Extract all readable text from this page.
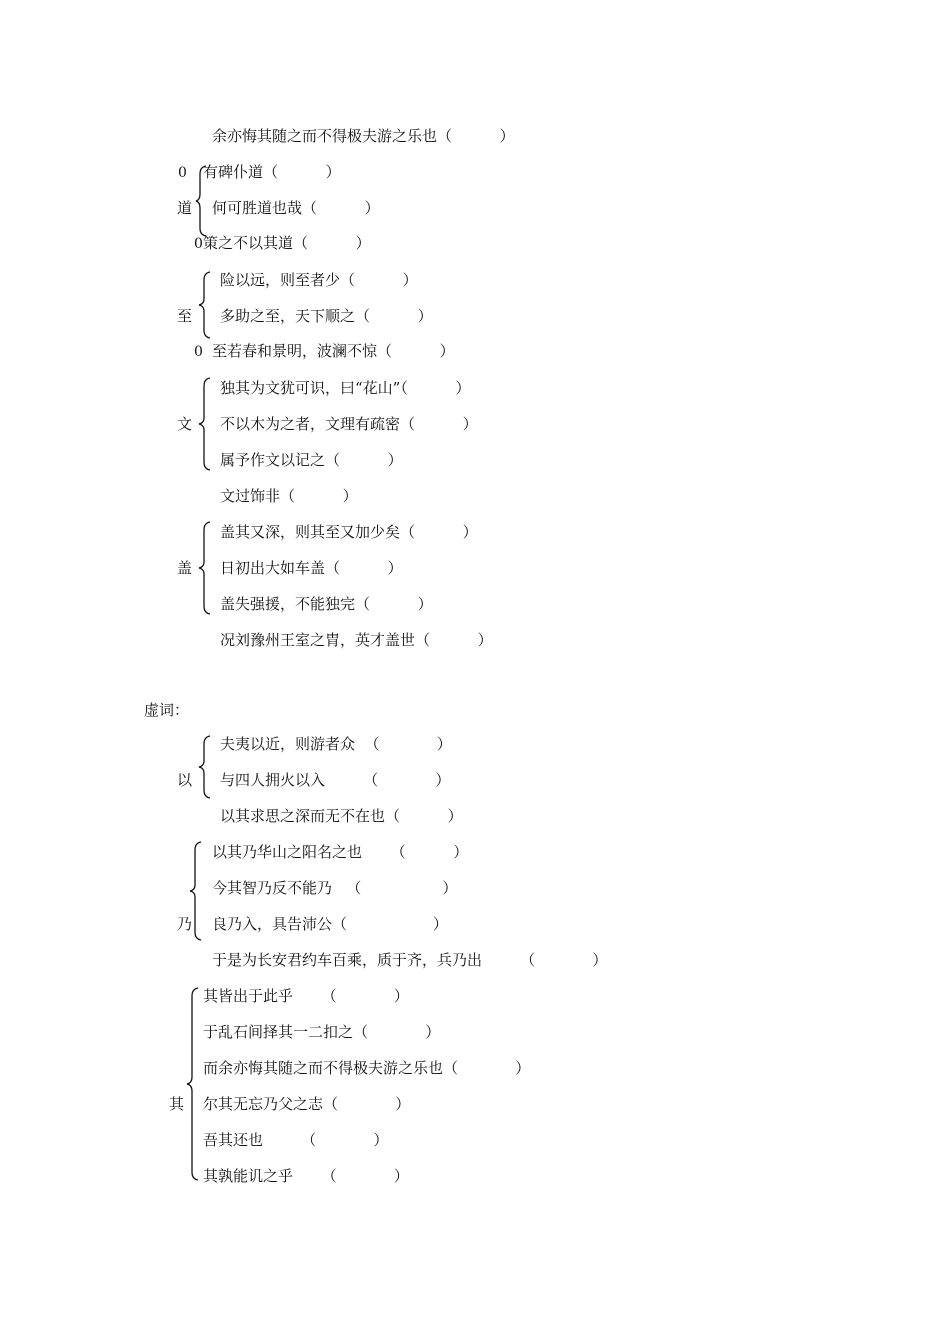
余亦悔其随之而不得极夫游之乐也（          ）
0
道
有碑仆道（          ）
何可胜道也哉（          ）
0 策之不以其道（          ）
至
险以远，则至者少（          ）
多助之至，天下顺之（          ）
0 至若春和景明，波澜不惊（          ）
文
独其为文犹可识，曰“花山”（          ）
不以木为之者，文理有疏密（          ）
属予作文以记之（          ）
文过饰非（          ）
盖
盖其又深，则其至又加少矣（          ）
日初出大如车盖（          ）
盖失强援，不能独完（          ）
况刘豫州王室之胄，英才盖世（          ）
虚词：
以
夫夷以近，则游者众  （            ）
与四人拥火以入        （            ）
以其求思之深而无不在也（          ）
乃
以其乃华山之阳名之也      （          ）
今其智乃反不能乃   （                 ）
良乃入，具告沛公（                  ）
于是为长安君约车百乘，质于齐，兵乃出        （            ）
其
其皆出于此乎      （            ）
于乱石间择其一二扣之（            ）
而余亦悔其随之而不得极夫游之乐也（            ）
尔其无忘乃父之志（            ）
吾其还也        （            ）
其孰能讥之乎      （            ）
